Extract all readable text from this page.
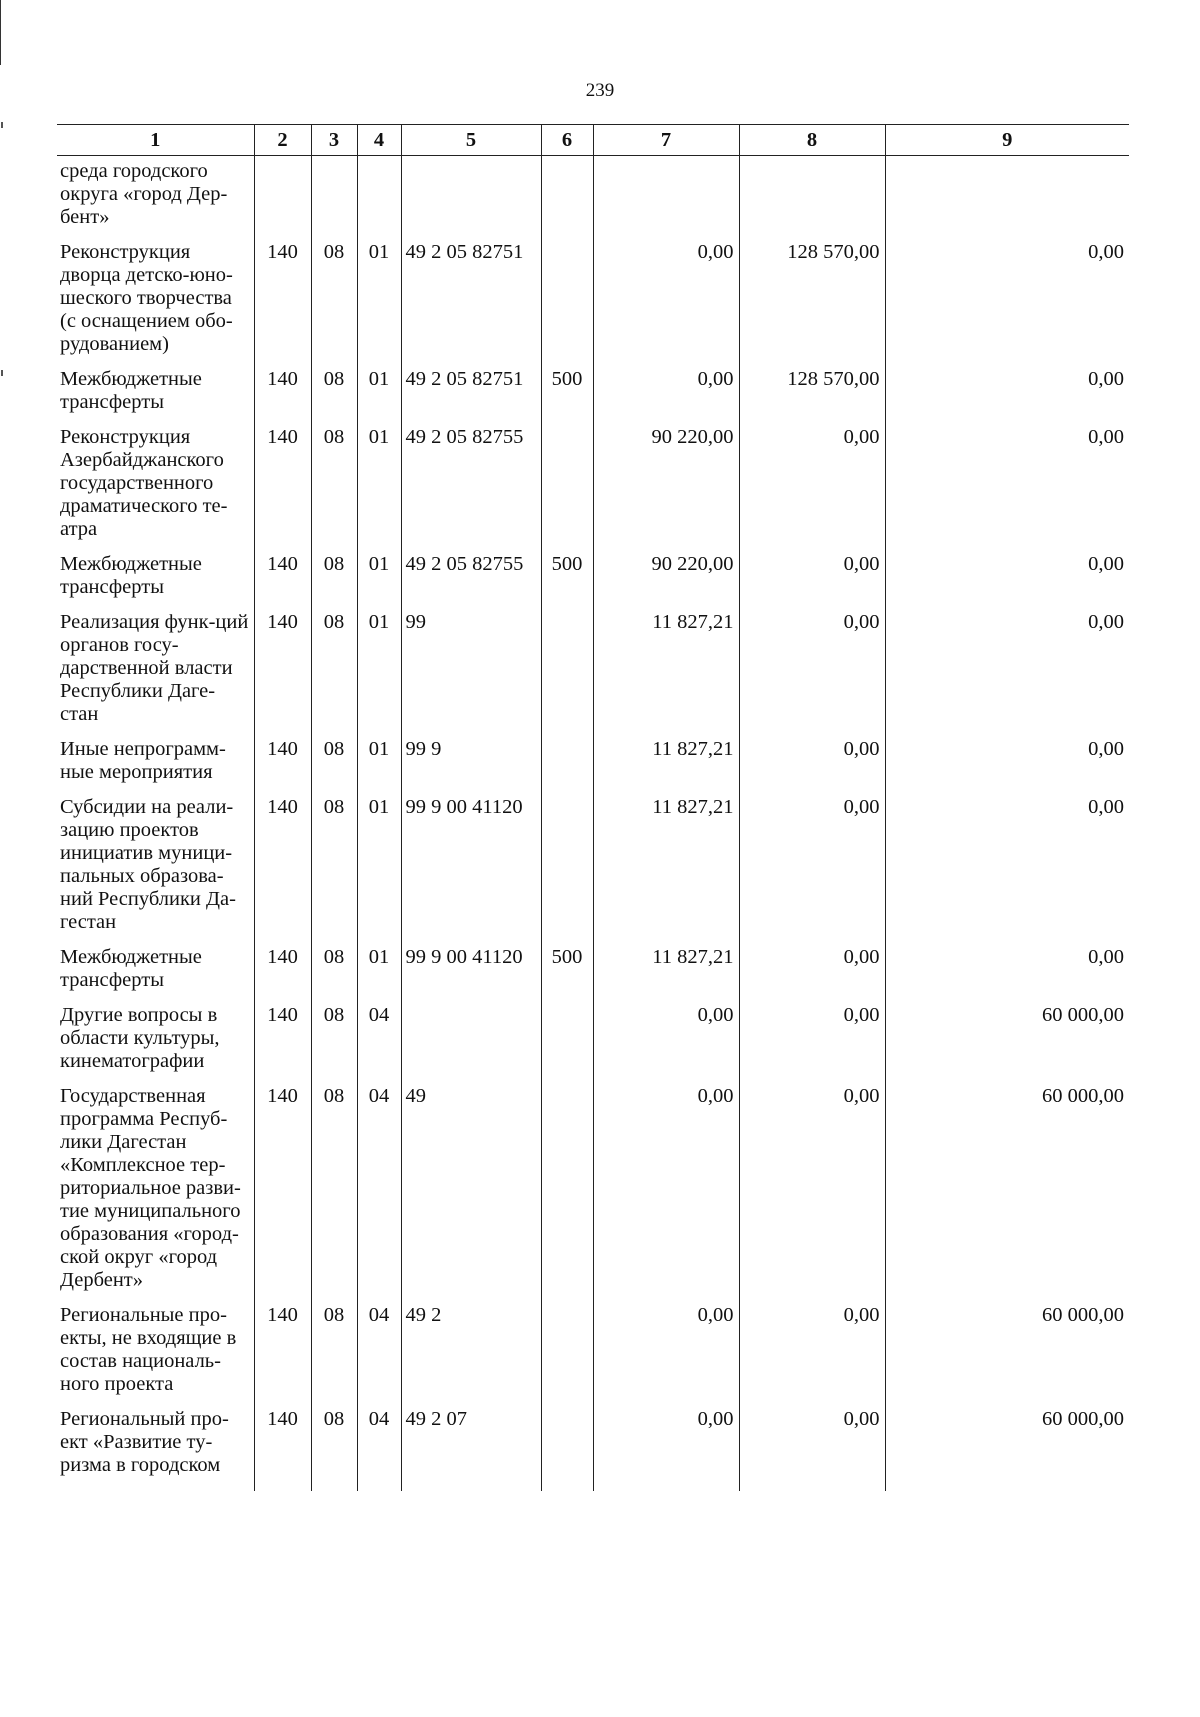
239
1	2	3	4	5	6	7	8	9
среда городского округа «город Дер-бент»								
Реконструкция дворца детско-юно-шеского творчества (с оснащением обо-рудованием)	140	08	01	49 2 05 82751		0,00	128 570,00	0,00
Межбюджетные трансферты	140	08	01	49 2 05 82751	500	0,00	128 570,00	0,00
Реконструкция Азербайджанского государственного драматического те-атра	140	08	01	49 2 05 82755		90 220,00	0,00	0,00
Межбюджетные трансферты	140	08	01	49 2 05 82755	500	90 220,00	0,00	0,00
Реализация функ-ций органов госу-дарственной власти Республики Даге-стан	140	08	01	99		11 827,21	0,00	0,00
Иные непрограмм-ные мероприятия	140	08	01	99 9		11 827,21	0,00	0,00
Субсидии на реали-зацию проектов инициатив муници-пальных образова-ний Республики Да-гестан	140	08	01	99 9 00 41120		11 827,21	0,00	0,00
Межбюджетные трансферты	140	08	01	99 9 00 41120	500	11 827,21	0,00	0,00
Другие вопросы в области культуры, кинематографии	140	08	04			0,00	0,00	60 000,00
Государственная программа Респуб-лики Дагестан «Комплексное тер-риториальное разви-тие муниципального образования «город-ской округ «город Дербент»	140	08	04	49		0,00	0,00	60 000,00
Региональные про-екты, не входящие в состав националь-ного проекта	140	08	04	49 2		0,00	0,00	60 000,00
Региональный про-ект «Развитие ту-ризма в городском	140	08	04	49 2 07		0,00	0,00	60 000,00
